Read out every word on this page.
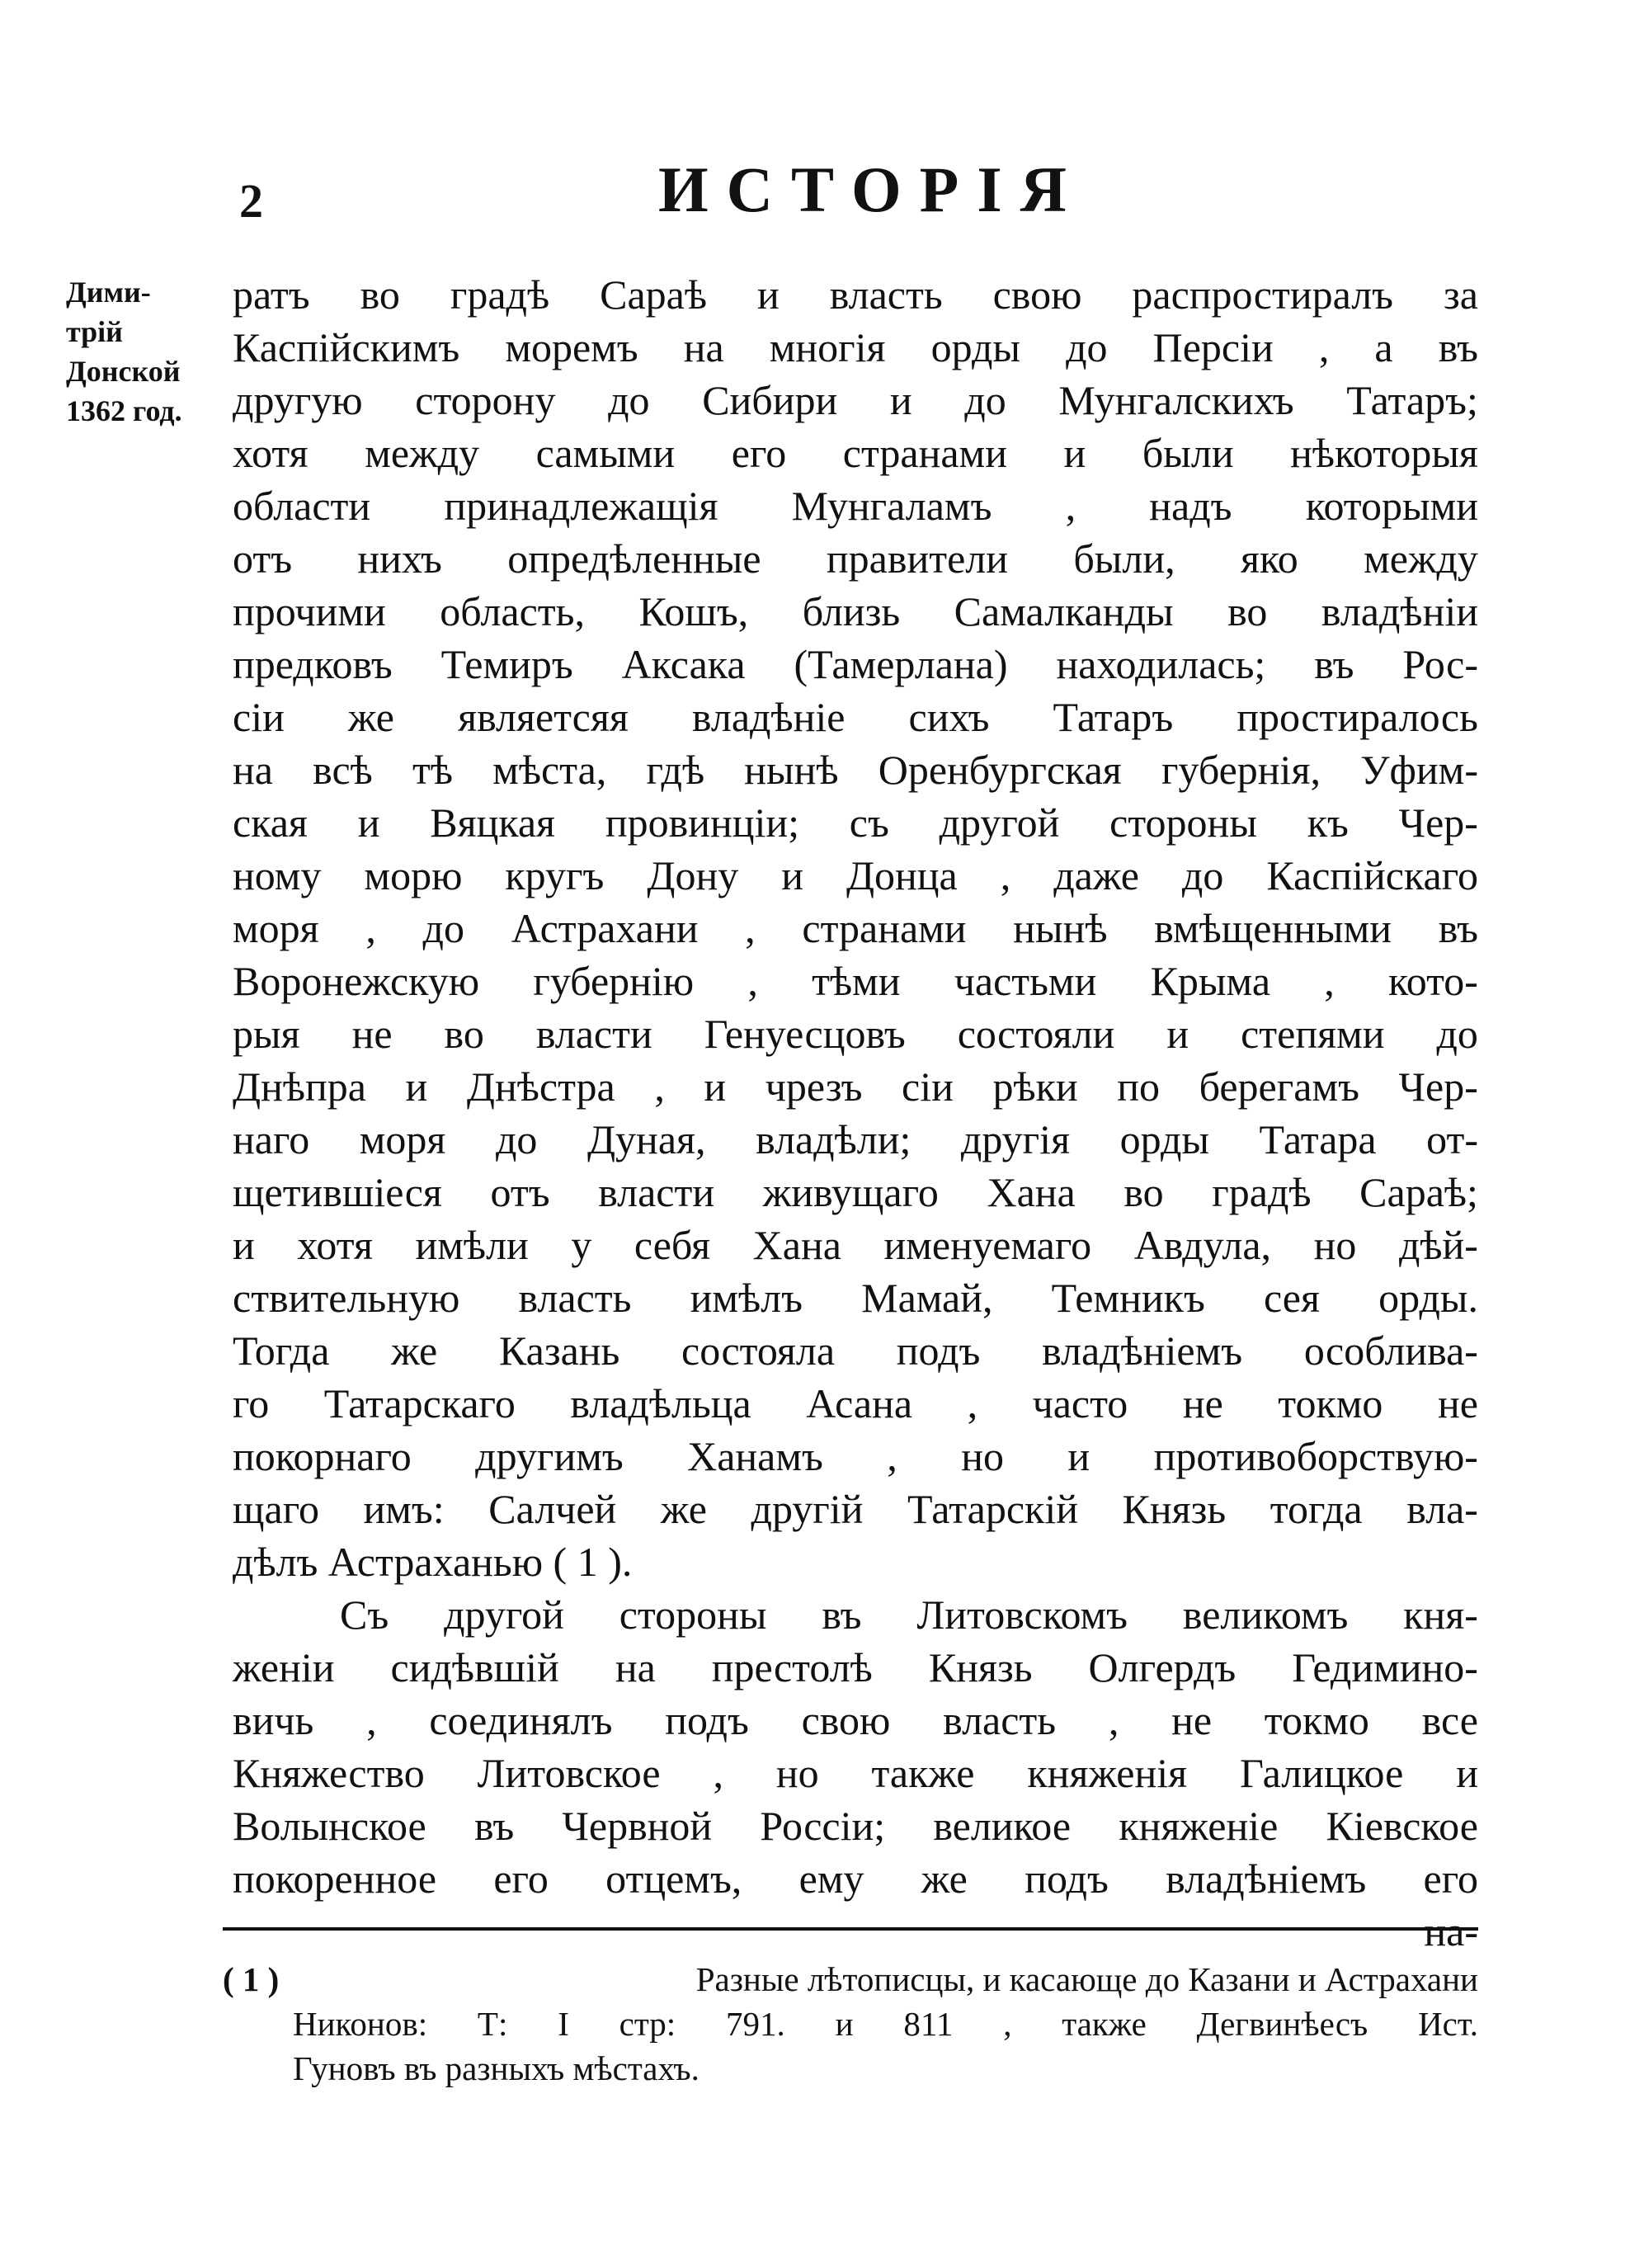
2	ИСТОРІЯ
Дими-
трій
Донской
1362 год.
ратъ во градѣ Сараѣ и власть свою распростиралъ за
Каспійскимъ моремъ на многія орды до Персіи , а въ
другую сторону до Сибири и до Мунгалскихъ Татаръ;
хотя между самыми его странами и были нѣкоторыя
области принадлежащія Мунгаламъ , надъ которыми
отъ нихъ опредѣленные правители были, яко между
прочими область, Кошъ, близь Самалканды во владѣніи
предковъ Темиръ Аксака (Тамерлана) находилась; въ Рос-
сіи же являетсяя владѣніе сихъ Татаръ простиралось
на всѣ тѣ мѣста, гдѣ нынѣ Оренбургская губернія, Уфим-
ская и Вяцкая провинціи; съ другой стороны къ Чер-
ному морю кругъ Дону и Донца , даже до Каспійскаго
моря , до Астрахани , странами нынѣ вмѣщенными въ
Воронежскую губернію , тѣми частьми Крыма , кото-
рыя не во власти Генуесцовъ состояли и степями до
Днѣпра и Днѣстра , и чрезъ сіи рѣки по берегамъ Чер-
наго моря до Дуная, владѣли; другія орды Татара от-
щетившіеся отъ власти живущаго Хана во градѣ Сараѣ;
и хотя имѣли у себя Хана именуемаго Авдула, но дѣй-
ствительную власть имѣлъ Мамай, Темникъ сея орды.
Тогда же Казань состояла подъ владѣніемъ особлива-
го Татарскаго владѣльца Асана , часто не токмо не
покорнаго другимъ Ханамъ , но и противоборствую-
щаго имъ: Салчей же другій Татарскій Князь тогда вла-
дѣлъ Астраханью ( 1 ).
Съ другой стороны въ Литовскомъ великомъ кня-
женіи сидѣвшій на престолѣ Князь Олгердъ Гедимино-
вичь , соединялъ подъ свою власть , не токмо все
Княжество Литовское , но также княженія Галицкое и
Волынское въ Червной Россіи; великое княженіе Кіевское
покоренное его отцемъ, ему же подъ владѣніемъ его
на-
( 1 )	Разные лѣтописцы, и касающе до Казани и Астрахани
Никонов: Т: I стр: 791. и 811 , также Дегвинѣесъ Ист.
Гуновъ въ разныхъ мѣстахъ.
